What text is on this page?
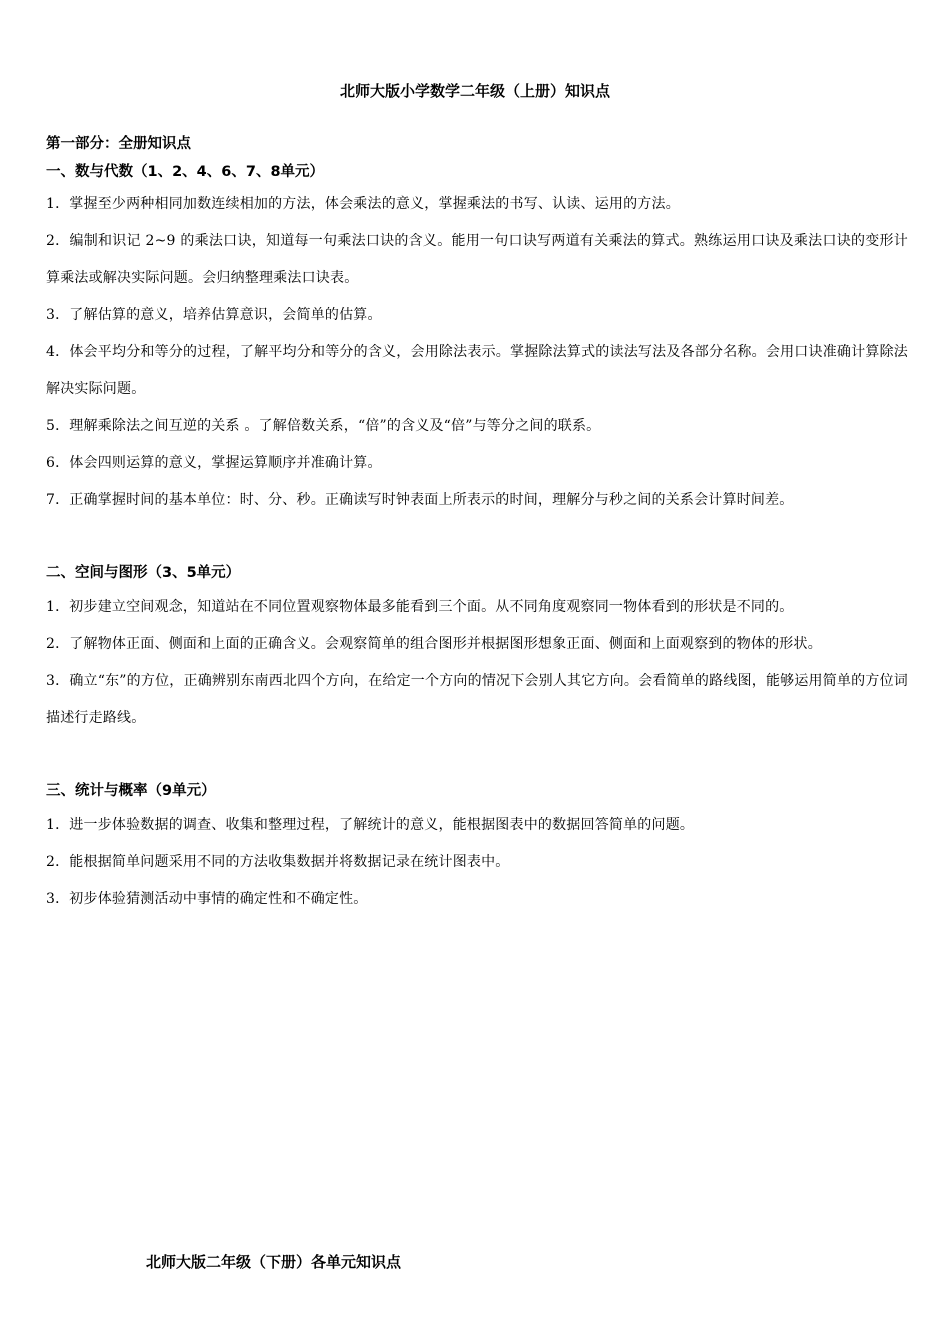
北师大版小学数学二年级（上册）知识点
第一部分：全册知识点
一、数与代数（1、2、4、6、7、8单元）
1．掌握至少两种相同加数连续相加的方法，体会乘法的意义，掌握乘法的书写、认读、运用的方法。
2．编制和识记 2~9 的乘法口诀，知道每一句乘法口诀的含义。能用一句口诀写两道有关乘法的算式。熟练运用口诀及乘法口诀的变形计算乘法或解决实际问题。会归纳整理乘法口诀表。
3．了解估算的意义，培养估算意识，会简单的估算。
4．体会平均分和等分的过程，了解平均分和等分的含义，会用除法表示。掌握除法算式的读法写法及各部分名称。会用口诀准确计算除法解决实际问题。
5．理解乘除法之间互逆的关系 。了解倍数关系，“倍”的含义及“倍”与等分之间的联系。
6．体会四则运算的意义，掌握运算顺序并准确计算。
7．正确掌握时间的基本单位：时、分、秒。正确读写时钟表面上所表示的时间，理解分与秒之间的关系会计算时间差。
二、空间与图形（3、5单元）
1．初步建立空间观念，知道站在不同位置观察物体最多能看到三个面。从不同角度观察同一物体看到的形状是不同的。
2．了解物体正面、侧面和上面的正确含义。会观察简单的组合图形并根据图形想象正面、侧面和上面观察到的物体的形状。
3．确立“东”的方位，正确辨别东南西北四个方向，在给定一个方向的情况下会别人其它方向。会看简单的路线图，能够运用简单的方位词描述行走路线。
三、统计与概率（9单元）
1．进一步体验数据的调查、收集和整理过程，了解统计的意义，能根据图表中的数据回答简单的问题。
2．能根据简单问题采用不同的方法收集数据并将数据记录在统计图表中。
3．初步体验猜测活动中事情的确定性和不确定性。
北师大版二年级（下册）各单元知识点
